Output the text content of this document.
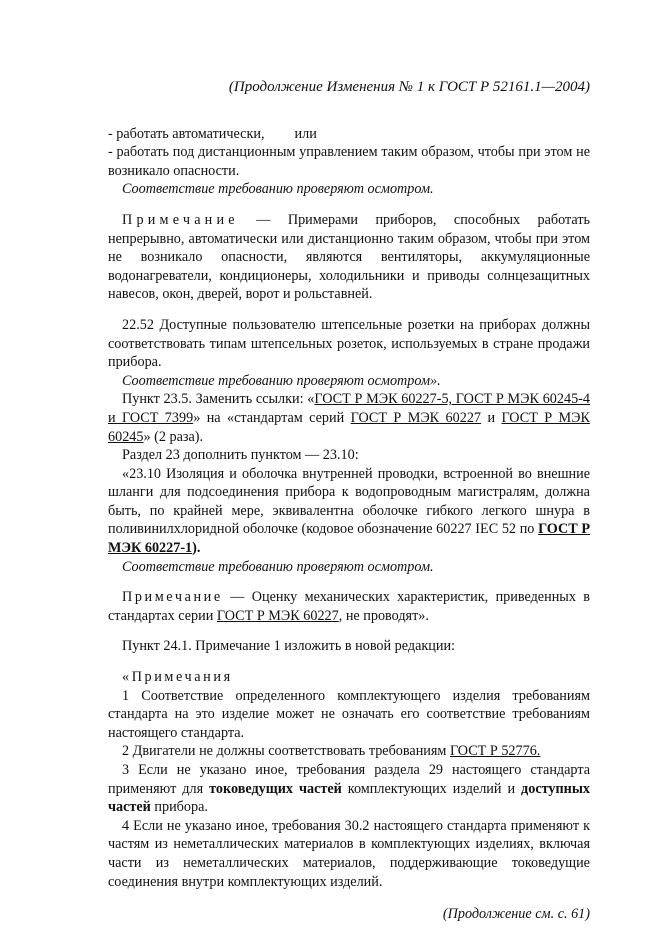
(Продолжение Изменения № 1 к ГОСТ Р 52161.1—2004)

- работать автоматически, или

- работать под дистанционным управлением таким образом, чтобы при этом не возникало опасности.

Соответствие требованию проверяют осмотром.

Примечание — Примерами приборов, способных работать непрерывно, автоматически или дистанционно таким образом, чтобы при этом не возникало опасности, являются вентиляторы, аккумуляционные водонагреватели, кондиционеры, холодильники и приводы солнцезащитных навесов, окон, дверей, ворот и рольставней.

22.52 Доступные пользователю штепсельные розетки на приборах должны соответствовать типам штепсельных розеток, используемых в стране продажи прибора.

Соответствие требованию проверяют осмотром».

Пункт 23.5. Заменить ссылки: «ГОСТ Р МЭК 60227-5, ГОСТ Р МЭК 60245-4 и ГОСТ 7399» на «стандартам серий ГОСТ Р МЭК 60227 и ГОСТ Р МЭК 60245» (2 раза).

Раздел 23 дополнить пунктом — 23.10:

«23.10 Изоляция и оболочка внутренней проводки, встроенной во внешние шланги для подсоединения прибора к водопроводным магистралям, должна быть, по крайней мере, эквивалентна оболочке гибкого легкого шнура в поливинилхлоридной оболочке (кодовое обозначение 60227 IEC 52 по ГОСТ Р МЭК 60227-1).

Соответствие требованию проверяют осмотром.

Примечание — Оценку механических характеристик, приведенных в стандартах серии ГОСТ Р МЭК 60227, не проводят».

Пункт 24.1. Примечание 1 изложить в новой редакции:

«Примечания

1 Соответствие определенного комплектующего изделия требованиям стандарта на это изделие может не означать его соответствие требованиям настоящего стандарта.

2 Двигатели не должны соответствовать требованиям ГОСТ Р 52776.

3 Если не указано иное, требования раздела 29 настоящего стандарта применяют для токоведущих частей комплектующих изделий и доступных частей прибора.

4 Если не указано иное, требования 30.2 настоящего стандарта применяют к частям из неметаллических материалов в комплектующих изделиях, включая части из неметаллических материалов, поддерживающие токоведущие соединения внутри комплектующих изделий.

(Продолжение см. с. 61)
